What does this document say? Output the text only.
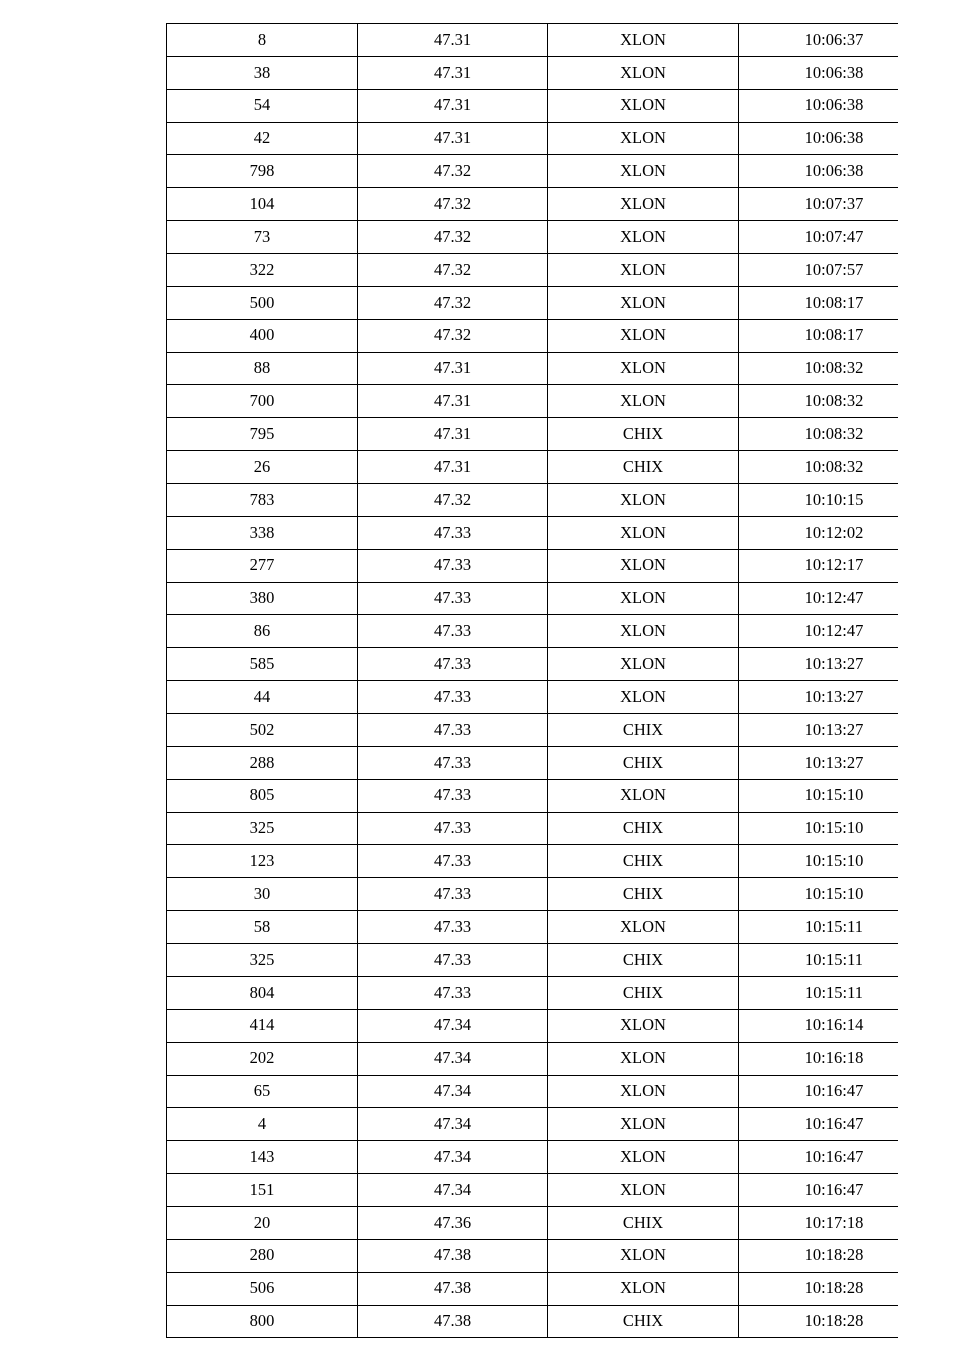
8	47.31	XLON	10:06:37
38	47.31	XLON	10:06:38
54	47.31	XLON	10:06:38
42	47.31	XLON	10:06:38
798	47.32	XLON	10:06:38
104	47.32	XLON	10:07:37
73	47.32	XLON	10:07:47
322	47.32	XLON	10:07:57
500	47.32	XLON	10:08:17
400	47.32	XLON	10:08:17
88	47.31	XLON	10:08:32
700	47.31	XLON	10:08:32
795	47.31	CHIX	10:08:32
26	47.31	CHIX	10:08:32
783	47.32	XLON	10:10:15
338	47.33	XLON	10:12:02
277	47.33	XLON	10:12:17
380	47.33	XLON	10:12:47
86	47.33	XLON	10:12:47
585	47.33	XLON	10:13:27
44	47.33	XLON	10:13:27
502	47.33	CHIX	10:13:27
288	47.33	CHIX	10:13:27
805	47.33	XLON	10:15:10
325	47.33	CHIX	10:15:10
123	47.33	CHIX	10:15:10
30	47.33	CHIX	10:15:10
58	47.33	XLON	10:15:11
325	47.33	CHIX	10:15:11
804	47.33	CHIX	10:15:11
414	47.34	XLON	10:16:14
202	47.34	XLON	10:16:18
65	47.34	XLON	10:16:47
4	47.34	XLON	10:16:47
143	47.34	XLON	10:16:47
151	47.34	XLON	10:16:47
20	47.36	CHIX	10:17:18
280	47.38	XLON	10:18:28
506	47.38	XLON	10:18:28
800	47.38	CHIX	10:18:28
